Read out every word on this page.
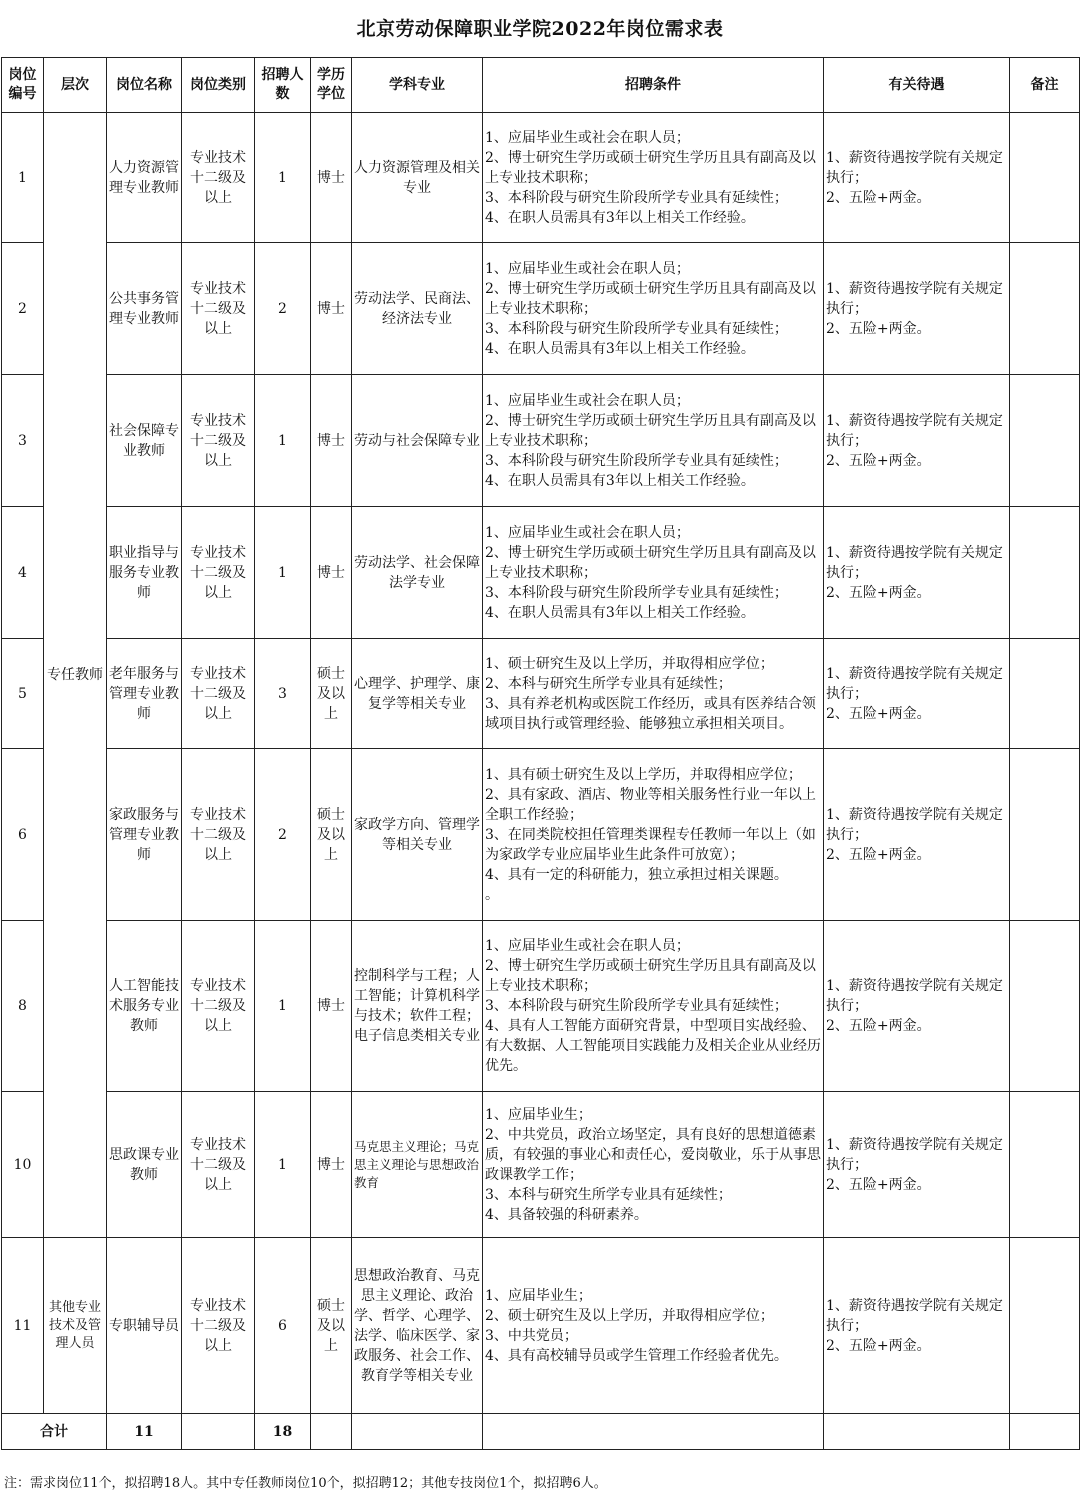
北京劳动保障职业学院2022年岗位需求表
岗位编号	层次	岗位名称	岗位类别	招聘人数	学历学位	学科专业	招聘条件	有关待遇	备注
1	专任教师	人力资源管理专业教师	专业技术十二级及以上	1	博士	人力资源管理及相关专业	1、应届毕业生或社会在职人员；
2、博士研究生学历或硕士研究生学历且具有副高及以上专业技术职称；
3、本科阶段与研究生阶段所学专业具有延续性；
4、在职人员需具有3年以上相关工作经验。	1、薪资待遇按学院有关规定执行；
2、五险+两金。	
2		公共事务管理专业教师	专业技术十二级及以上	2	博士	劳动法学、民商法、经济法专业	1、应届毕业生或社会在职人员；
2、博士研究生学历或硕士研究生学历且具有副高及以上专业技术职称；
3、本科阶段与研究生阶段所学专业具有延续性；
4、在职人员需具有3年以上相关工作经验。	1、薪资待遇按学院有关规定执行；
2、五险+两金。	
3		社会保障专业教师	专业技术十二级及以上	1	博士	劳动与社会保障专业	1、应届毕业生或社会在职人员；
2、博士研究生学历或硕士研究生学历且具有副高及以上专业技术职称；
3、本科阶段与研究生阶段所学专业具有延续性；
4、在职人员需具有3年以上相关工作经验。	1、薪资待遇按学院有关规定执行；
2、五险+两金。	
4		职业指导与服务专业教师	专业技术十二级及以上	1	博士	劳动法学、社会保障法学专业	1、应届毕业生或社会在职人员；
2、博士研究生学历或硕士研究生学历且具有副高及以上专业技术职称；
3、本科阶段与研究生阶段所学专业具有延续性；
4、在职人员需具有3年以上相关工作经验。	1、薪资待遇按学院有关规定执行；
2、五险+两金。	
5		老年服务与管理专业教师	专业技术十二级及以上	3	硕士及以上	心理学、护理学、康复学等相关专业	1、硕士研究生及以上学历，并取得相应学位；
2、本科与研究生所学专业具有延续性；
3、具有养老机构或医院工作经历，或具有医养结合领域项目执行或管理经验、能够独立承担相关项目。	1、薪资待遇按学院有关规定执行；
2、五险+两金。	
6		家政服务与管理专业教师	专业技术十二级及以上	2	硕士及以上	家政学方向、管理学等相关专业	1、具有硕士研究生及以上学历，并取得相应学位；
2、具有家政、酒店、物业等相关服务性行业一年以上全职工作经验；
3、在同类院校担任管理类课程专任教师一年以上（如为家政学专业应届毕业生此条件可放宽）；
4、具有一定的科研能力，独立承担过相关课题。
。	1、薪资待遇按学院有关规定执行；
2、五险+两金。	
8		人工智能技术服务专业教师	专业技术十二级及以上	1	博士	控制科学与工程；人工智能；计算机科学与技术；软件工程；电子信息类相关专业	1、应届毕业生或社会在职人员；
2、博士研究生学历或硕士研究生学历且具有副高及以上专业技术职称；
3、本科阶段与研究生阶段所学专业具有延续性；
4、具有人工智能方面研究背景，中型项目实战经验、有大数据、人工智能项目实践能力及相关企业从业经历优先。	1、薪资待遇按学院有关规定执行；
2、五险+两金。	
10		思政课专业教师	专业技术十二级及以上	1	博士	马克思主义理论；马克思主义理论与思想政治教育	1、应届毕业生；
2、中共党员，政治立场坚定，具有良好的思想道德素质，有较强的事业心和责任心，爱岗敬业，乐于从事思政课教学工作；
3、本科与研究生所学专业具有延续性；
4、具备较强的科研素养。	1、薪资待遇按学院有关规定执行；
2、五险+两金。	
11	其他专业技术及管理人员	专职辅导员	专业技术十二级及以上	6	硕士及以上	思想政治教育、马克思主义理论、政治学、哲学、心理学、法学、临床医学、家政服务、社会工作、教育学等相关专业	1、应届毕业生；
2、硕士研究生及以上学历，并取得相应学位；
3、中共党员；
4、具有高校辅导员或学生管理工作经验者优先。	1、薪资待遇按学院有关规定执行；
2、五险+两金。	
合计		11		18					
注：需求岗位11个，拟招聘18人。其中专任教师岗位10个，拟招聘12；其他专技岗位1个，拟招聘6人。
